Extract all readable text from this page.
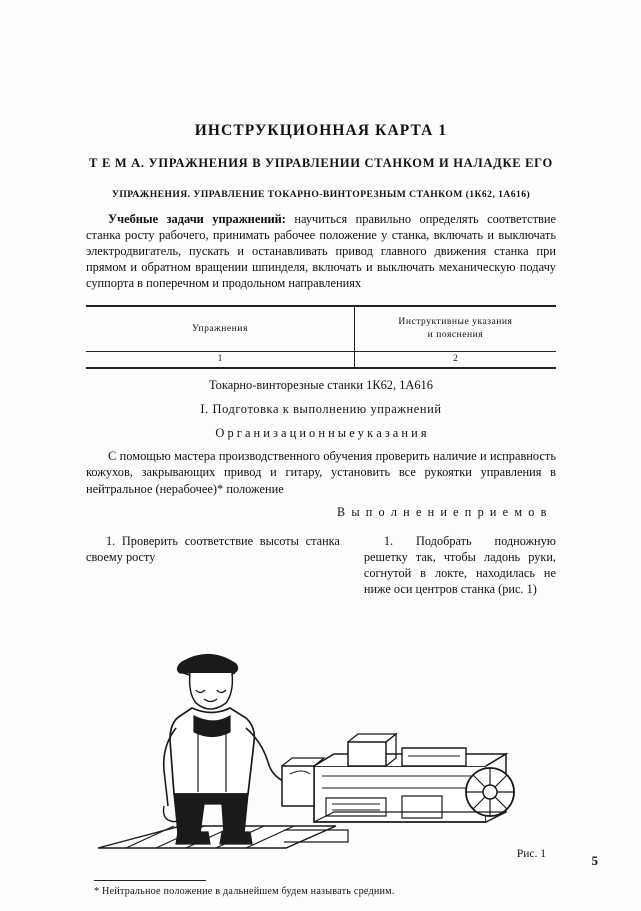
ИНСТРУКЦИОННАЯ КАРТА 1
Т Е М А. УПРАЖНЕНИЯ В УПРАВЛЕНИИ СТАНКОМ И НАЛАДКЕ ЕГО
УПРАЖНЕНИЯ. УПРАВЛЕНИЕ ТОКАРНО-ВИНТОРЕЗНЫМ СТАНКОМ (1К62, 1А616)

Учебные задачи упражнений: научиться правильно определять соответствие станка росту рабочего, принимать рабочее положение у станка, включать и выключать электродвигатель, пускать и останавливать привод главного движения станка при прямом и обратном вращении шпинделя, включать и выключать механическую подачу суппорта в поперечном и продольном направлениях

Упражнения
Инструктивные указания
и пояснения
1	2
Токарно-винторезные станки 1К62, 1А616
I. Подготовка к выполнению упражнений
О р г а н и з а ц и о н н ы е у к а з а н и я

С помощью мастера производственного обучения проверить наличие и исправность кожухов, закрывающих привод и гитару, установить все рукоятки управления в нейтральное (нерабочее)* положение

В ы п о л н е н и е п р и е м о в

1. Проверить соответствие высоты станка своему росту

1. Подобрать подножную решетку так, чтобы ладонь руки, согнутой в локте, находилась не ниже оси центров станка (рис. 1)

Рис. 1
* Нейтральное положение в дальнейшем будем называть средним.
5
